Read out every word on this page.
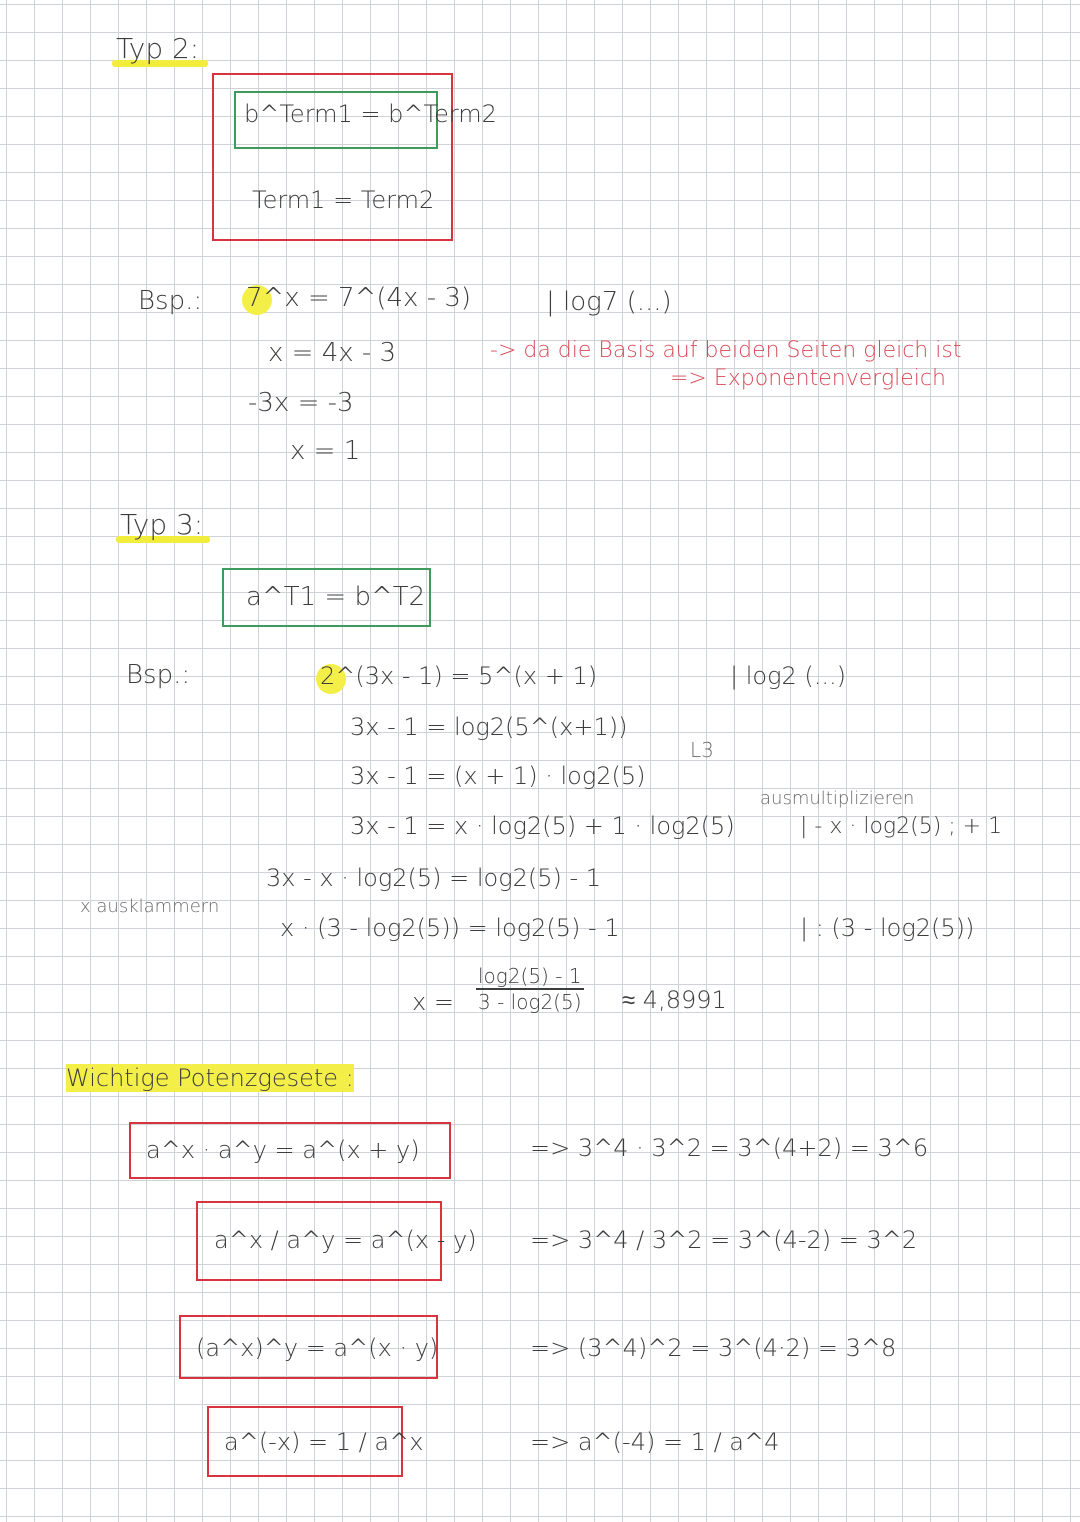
Typ 2:
b^Term1 = b^Term2
Term1 = Term2
Bsp.: 7^x = 7^(4x - 3)
x = 4x - 3
-3x = -3
x = 1
| log7 (...)
-> da die Basis auf beiden Seiten gleich ist
=> Exponentenvergleich
Typ 3:
a^T1 = b^T2
Bsp.:	2^(3x - 1) = 5^(x + 1)
3x - 1 = log2(5^(x+1))
3x - 1 = (x + 1) · log2(5)
3x - 1 = x · log2(5) + 1 · log2(5)
3x - x · log2(5) = log2(5) - 1
x · (3 - log2(5)) = log2(5) - 1
$x = \frac{\log 2(5) - 1}{3 - \log 2(5)} \approx 4,8991$
| log2 (...)
L3
ausmultiplizieren
| - x · log2(5) ; + 1
| : (3 - log2(5))
x ausklammern
Wichtige Potenzgesete :
a^x · a^y = a^(x + y)	=> 3^4 · 3^2 = 3^(4+2) = 3^6
a^x / a^y = a^(x - y) => 3^4 / 3^2 = 3^(4-2) = 3^2
(a^x)^y = a^(x · y)	=> (3^4)^2 = 3^(4·2) = 3^8
a^(-x) = 1 / a^x	=> a^(-4) = 1 / a^4
